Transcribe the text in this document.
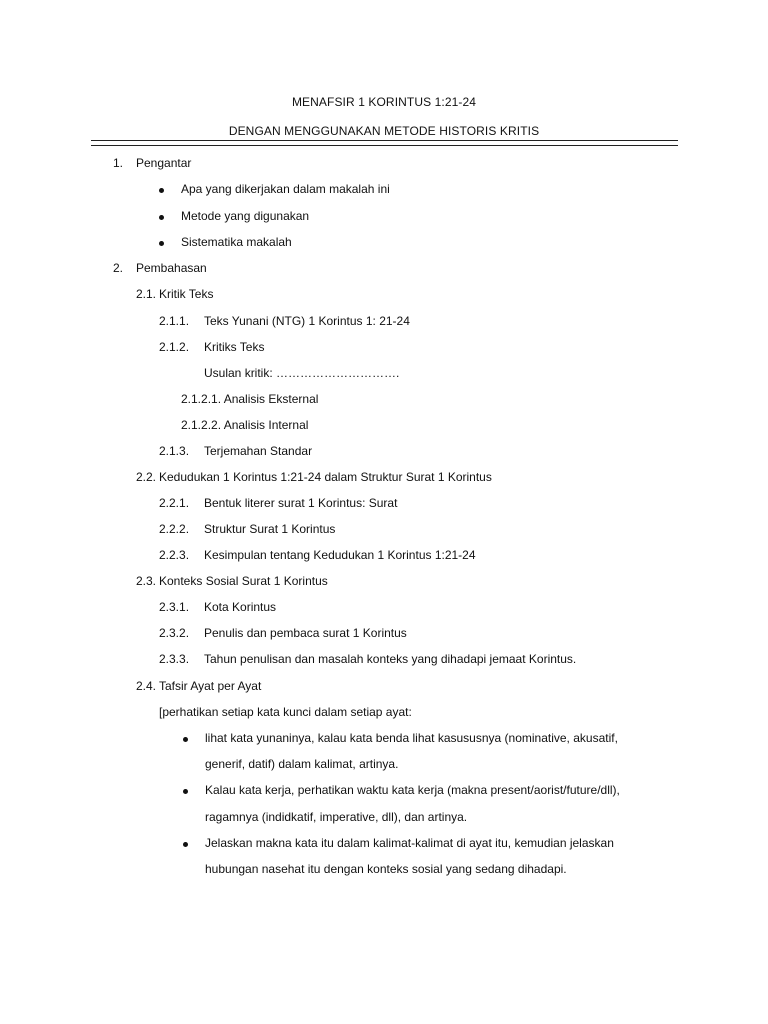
MENAFSIR 1 KORINTUS 1:21-24
DENGAN MENGGUNAKAN METODE HISTORIS KRITIS
1. Pengantar
Apa yang dikerjakan dalam makalah ini
Metode yang digunakan
Sistematika makalah
2. Pembahasan
2.1. Kritik Teks
2.1.1. Teks Yunani (NTG) 1 Korintus 1: 21-24
2.1.2. Kritiks Teks
Usulan kritik: ………………………….
2.1.2.1. Analisis Eksternal
2.1.2.2. Analisis Internal
2.1.3. Terjemahan Standar
2.2. Kedudukan 1 Korintus 1:21-24 dalam Struktur Surat 1 Korintus
2.2.1. Bentuk literer surat 1 Korintus: Surat
2.2.2. Struktur Surat 1 Korintus
2.2.3. Kesimpulan tentang Kedudukan 1 Korintus 1:21-24
2.3. Konteks Sosial Surat 1 Korintus
2.3.1. Kota Korintus
2.3.2. Penulis dan pembaca surat 1 Korintus
2.3.3. Tahun penulisan dan masalah konteks yang dihadapi jemaat Korintus.
2.4. Tafsir Ayat per Ayat
[perhatikan setiap kata kunci dalam setiap ayat:
lihat kata yunaninya, kalau kata benda lihat kasususnya (nominative, akusatif,
generif, datif) dalam kalimat, artinya.
Kalau kata kerja, perhatikan waktu kata kerja (makna present/aorist/future/dll),
ragamnya (indidkatif, imperative, dll), dan artinya.
Jelaskan makna kata itu dalam kalimat-kalimat di ayat itu, kemudian jelaskan
hubungan nasehat itu dengan konteks sosial yang sedang dihadapi.
